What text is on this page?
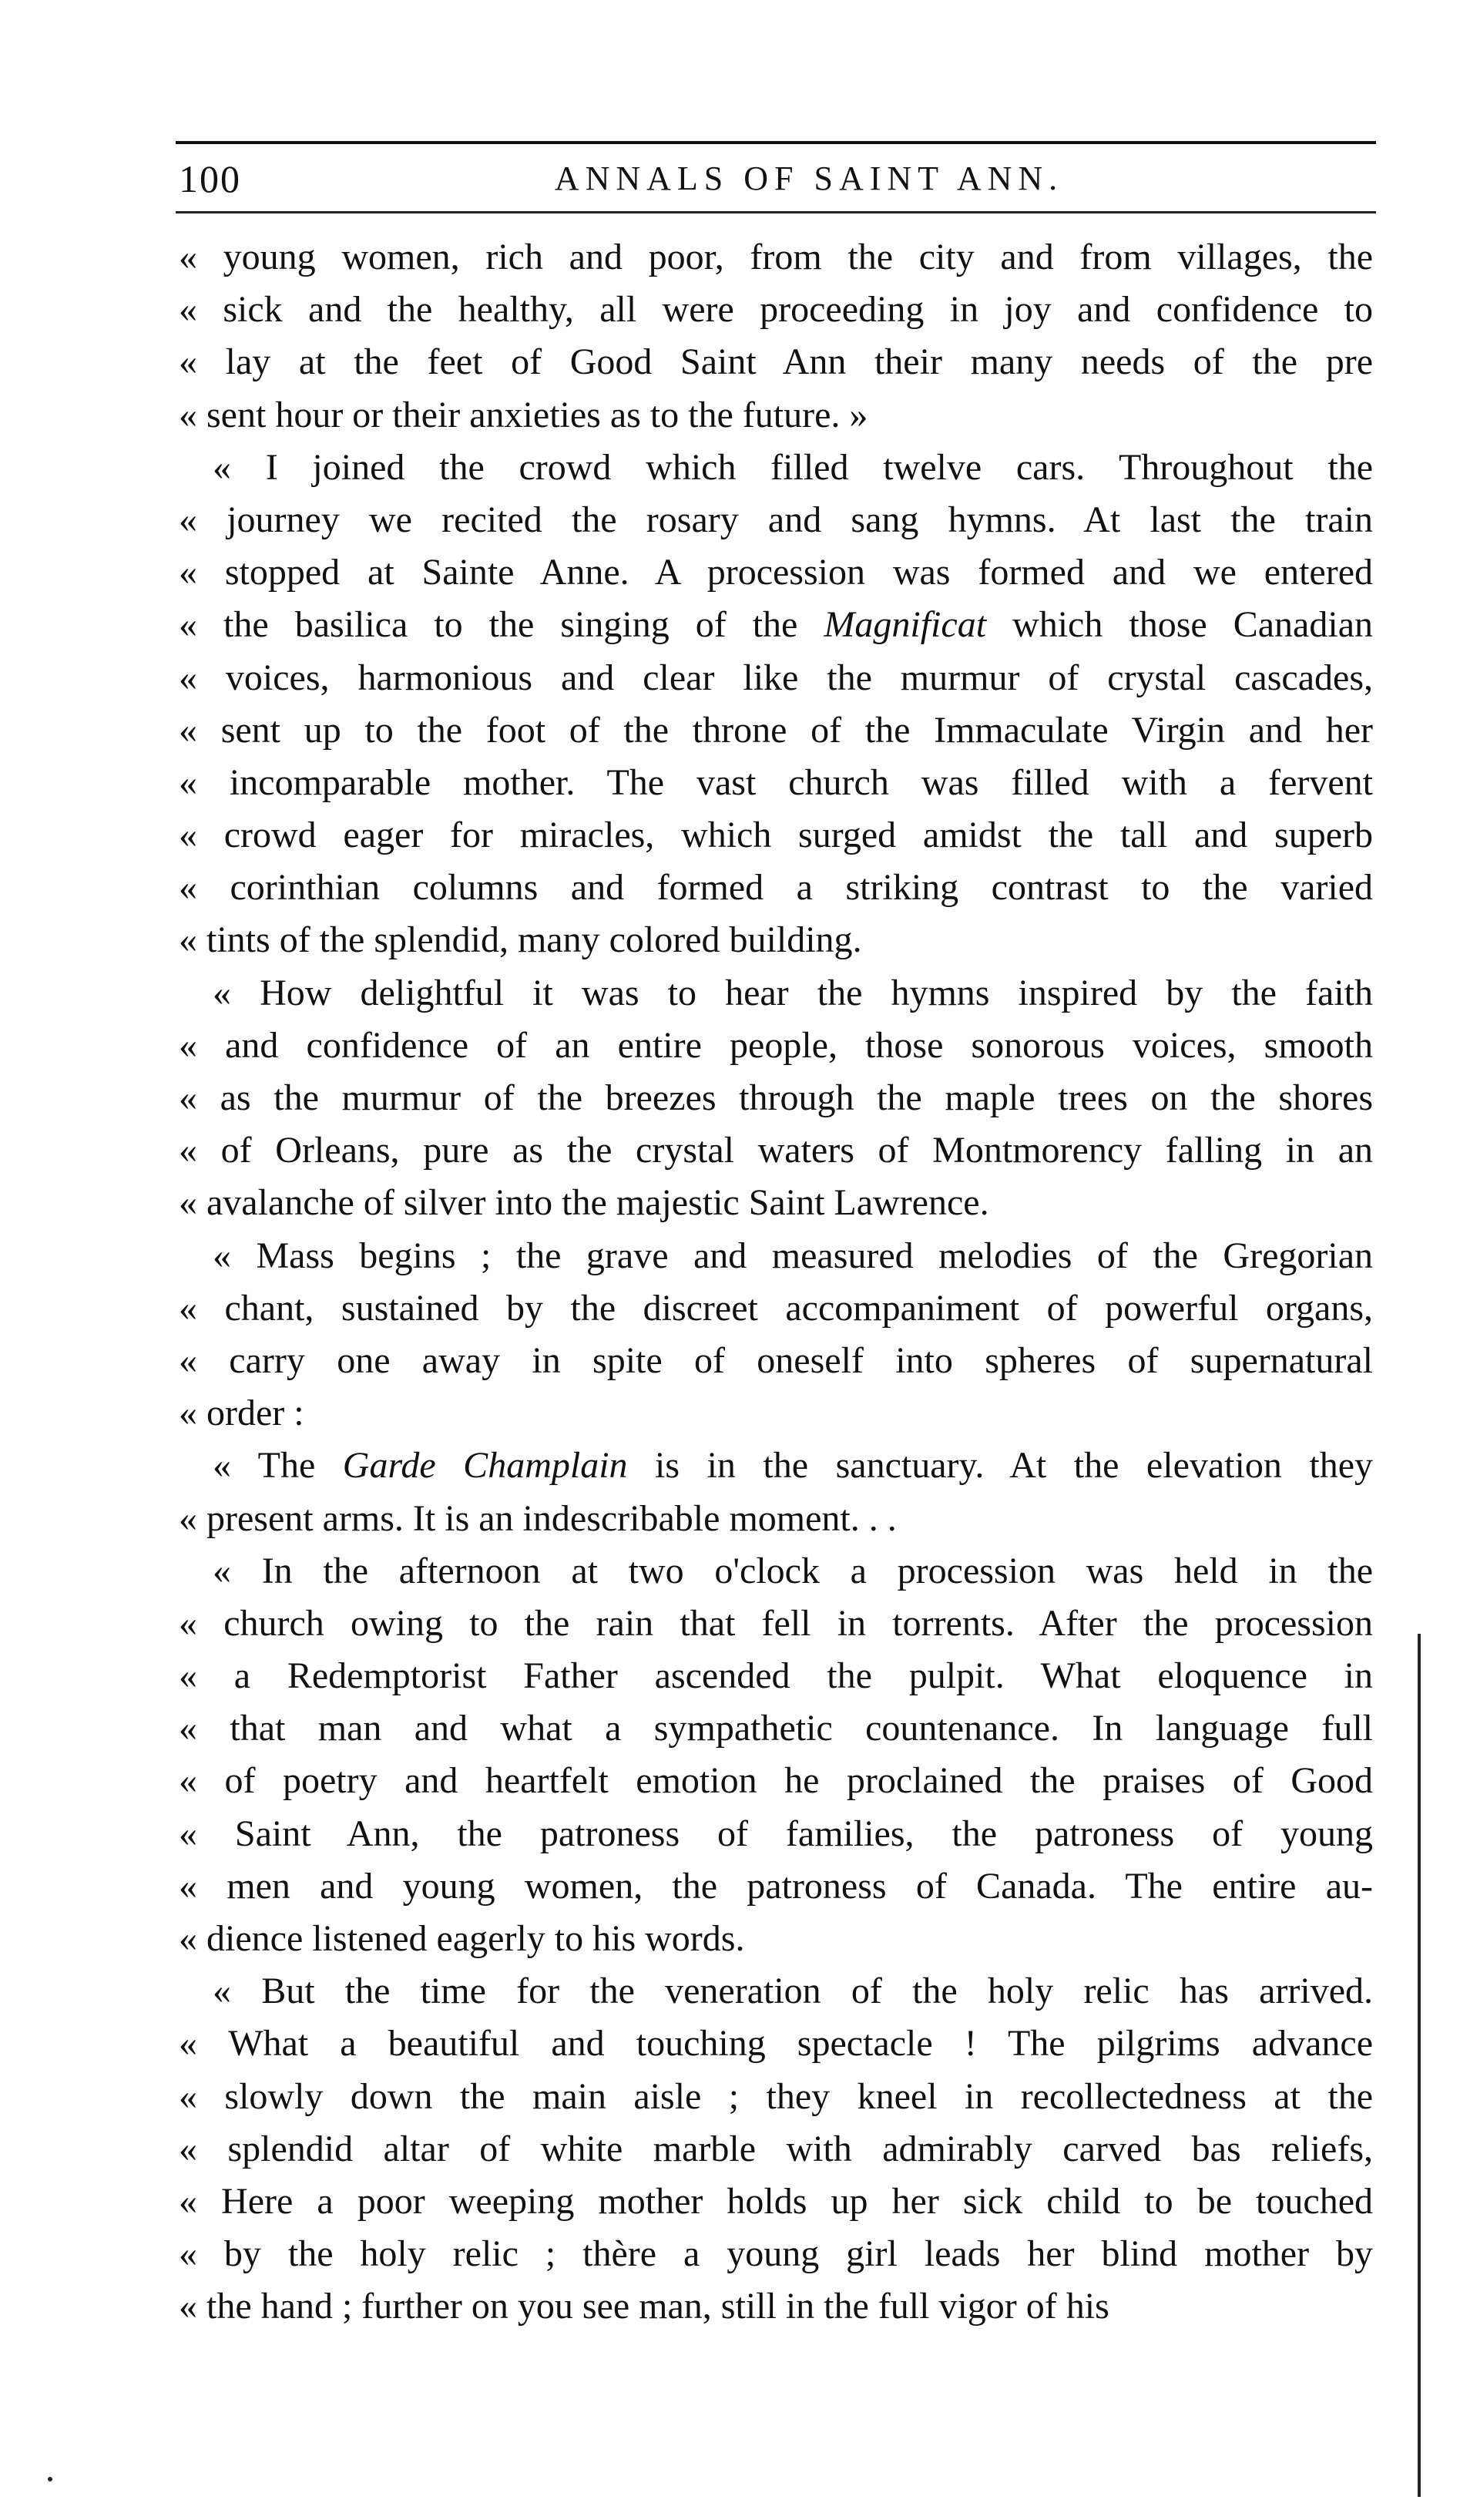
100	ANNALS OF SAINT ANN.
« young women, rich and poor, from the city and from villages, the
« sick and the healthy, all were proceeding in joy and confidence to
« lay at the feet of Good Saint Ann their many needs of the pre
« sent hour or their anxieties as to the future. »
« I joined the crowd which filled twelve cars. Throughout the
« journey we recited the rosary and sang hymns. At last the train
« stopped at Sainte Anne. A procession was formed and we entered
« the basilica to the singing of the Magnificat which those Canadian
« voices, harmonious and clear like the murmur of crystal cascades,
« sent up to the foot of the throne of the Immaculate Virgin and her
« incomparable mother. The vast church was filled with a fervent
« crowd eager for miracles, which surged amidst the tall and superb
« corinthian columns and formed a striking contrast to the varied
« tints of the splendid, many colored building.
« How delightful it was to hear the hymns inspired by the faith
« and confidence of an entire people, those sonorous voices, smooth
« as the murmur of the breezes through the maple trees on the shores
« of Orleans, pure as the crystal waters of Montmorency falling in an
« avalanche of silver into the majestic Saint Lawrence.
« Mass begins ; the grave and measured melodies of the Gregorian
« chant, sustained by the discreet accompaniment of powerful organs,
« carry one away in spite of oneself into spheres of supernatural
« order :
« The Garde Champlain is in the sanctuary. At the elevation they
« present arms. It is an indescribable moment. . .
« In the afternoon at two o'clock a procession was held in the
« church owing to the rain that fell in torrents. After the procession
« a Redemptorist Father ascended the pulpit. What eloquence in
« that man and what a sympathetic countenance. In language full
« of poetry and heartfelt emotion he proclained the praises of Good
« Saint Ann, the patroness of families, the patroness of young
« men and young women, the patroness of Canada. The entire au-
« dience listened eagerly to his words.
« But the time for the veneration of the holy relic has arrived.
« What a beautiful and touching spectacle ! The pilgrims advance
« slowly down the main aisle ; they kneel in recollectedness at the
« splendid altar of white marble with admirably carved bas reliefs,
« Here a poor weeping mother holds up her sick child to be touched
« by the holy relic ; thère a young girl leads her blind mother by
« the hand ; further on you see man, still in the full vigor of his
